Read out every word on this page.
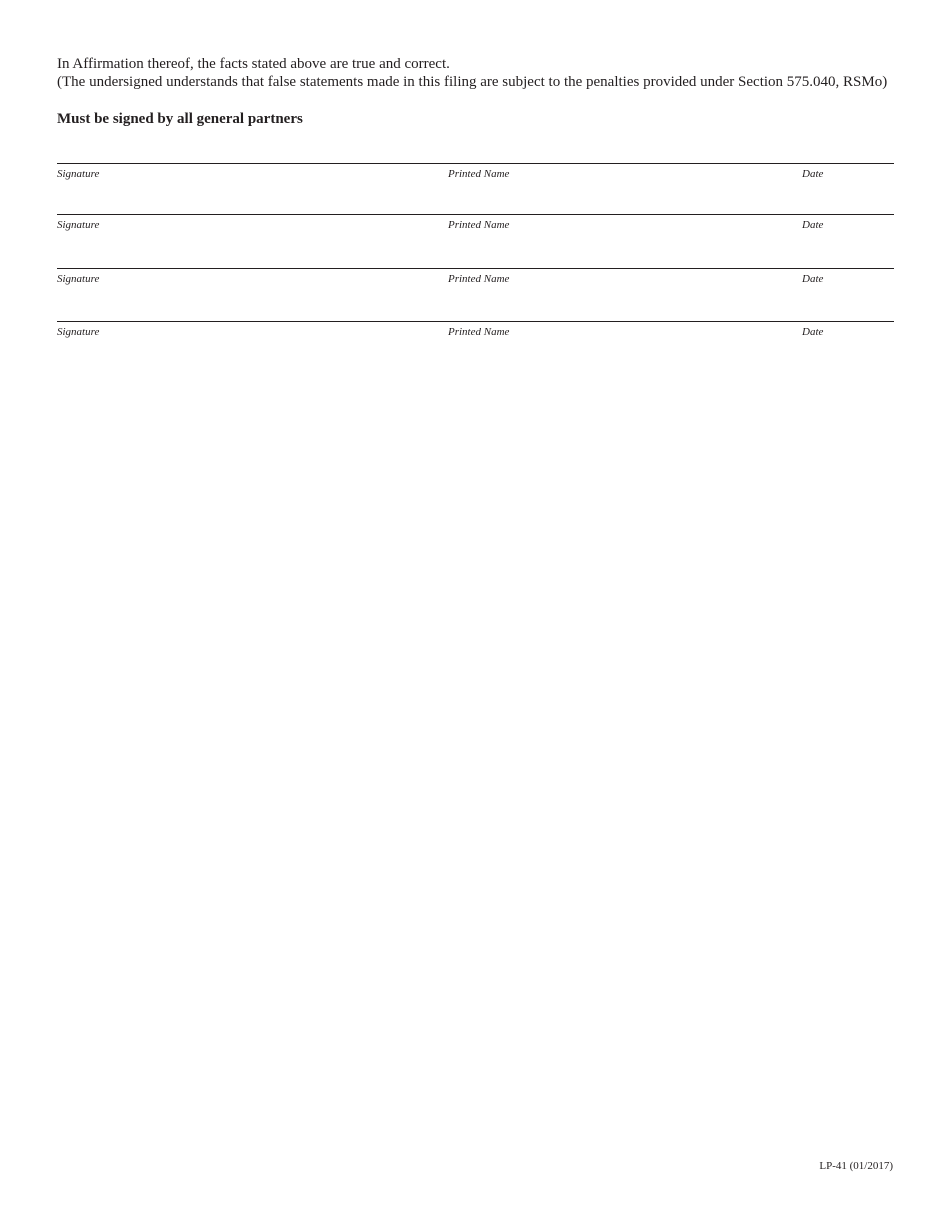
In Affirmation thereof, the facts stated above are true and correct.
(The undersigned understands that false statements made in this filing are subject to the penalties provided under Section 575.040, RSMo)
Must be signed by all general partners
Signature	Printed Name	Date
Signature	Printed Name	Date
Signature	Printed Name	Date
Signature	Printed Name	Date
LP-41 (01/2017)
